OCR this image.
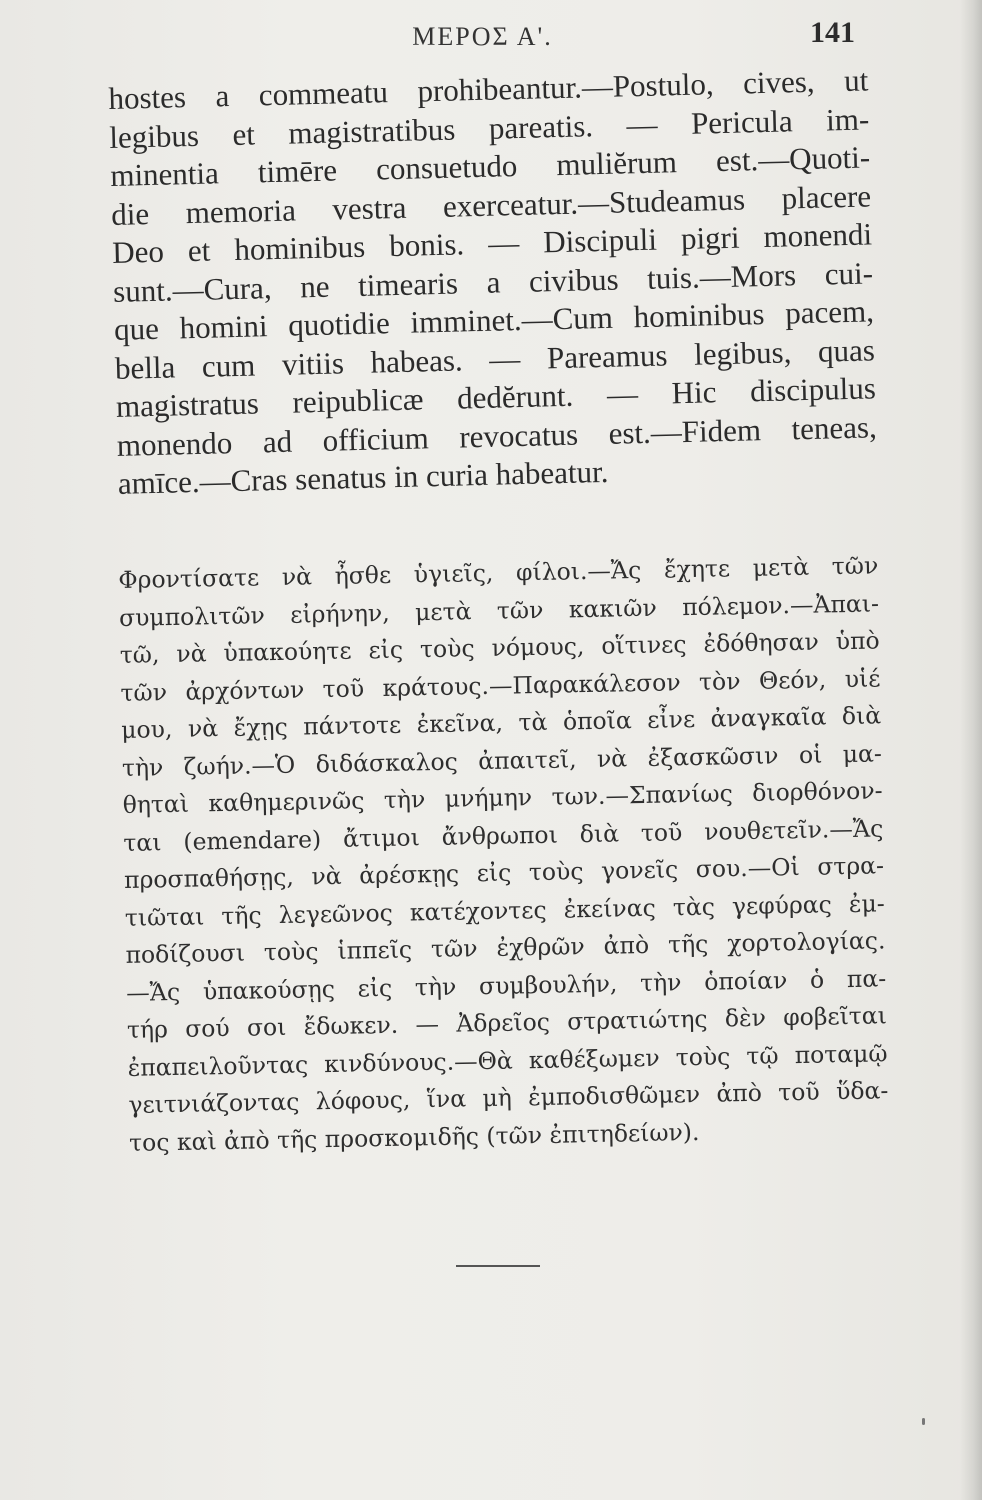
ΜΕΡΟΣ Α'.	141
hostes a commeatu prohibeantur.—Postulo, cives, ut
legibus et magistratibus pareatis. — Pericula im-
minentia timēre consuetudo muliĕrum est.—Quoti-
die memoria vestra exerceatur.—Studeamus placere
Deo et hominibus bonis. — Discipuli pigri monendi
sunt.—Cura, ne timearis a civibus tuis.—Mors cui-
que homini quotidie imminet.—Cum hominibus pacem,
bella cum vitiis habeas. — Pareamus legibus, quas
magistratus reipublicæ dedĕrunt. — Hic discipulus
monendo ad officium revocatus est.—Fidem teneas,
amīce.—Cras senatus in curia habeatur.
Φροντίσατε νὰ ἦσθε ὑγιεῖς, φίλοι.—Ἄς ἔχητε μετὰ τῶν
συμπολιτῶν εἰρήνην, μετὰ τῶν κακιῶν πόλεμον.—Ἀπαι-
τῶ, νὰ ὑπακούητε εἰς τοὺς νόμους, οἵτινες ἐδόθησαν ὑπὸ
τῶν ἀρχόντων τοῦ κράτους.—Παρακάλεσον τὸν Θεόν, υἱέ
μου, νὰ ἔχῃς πάντοτε ἐκεῖνα, τὰ ὁποῖα εἶνε ἀναγκαῖα διὰ
τὴν ζωήν.—Ὁ διδάσκαλος ἀπαιτεῖ, νὰ ἐξασκῶσιν οἱ μα-
θηταὶ καθημερινῶς τὴν μνήμην των.—Σπανίως διορθόνον-
ται (emendare) ἄτιμοι ἄνθρωποι διὰ τοῦ νουθετεῖν.—Ἄς
προσπαθήσῃς, νὰ ἀρέσκῃς εἰς τοὺς γονεῖς σου.—Οἱ στρα-
τιῶται τῆς λεγεῶνος κατέχοντες ἐκείνας τὰς γεφύρας ἐμ-
ποδίζουσι τοὺς ἱππεῖς τῶν ἐχθρῶν ἀπὸ τῆς χορτολογίας.
—Ἄς ὑπακούσῃς εἰς τὴν συμβουλήν, τὴν ὁποίαν ὁ πα-
τήρ σού σοι ἔδωκεν. — Ἀδρεῖος στρατιώτης δὲν φοβεῖται
ἐπαπειλοῦντας κινδύνους.—Θὰ καθέξωμεν τοὺς τῷ ποταμῷ
γειτνιάζοντας λόφους, ἵνα μὴ ἐμποδισθῶμεν ἀπὸ τοῦ ὕδα-
τος καὶ ἀπὸ τῆς προσκομιδῆς (τῶν ἐπιτηδείων).
